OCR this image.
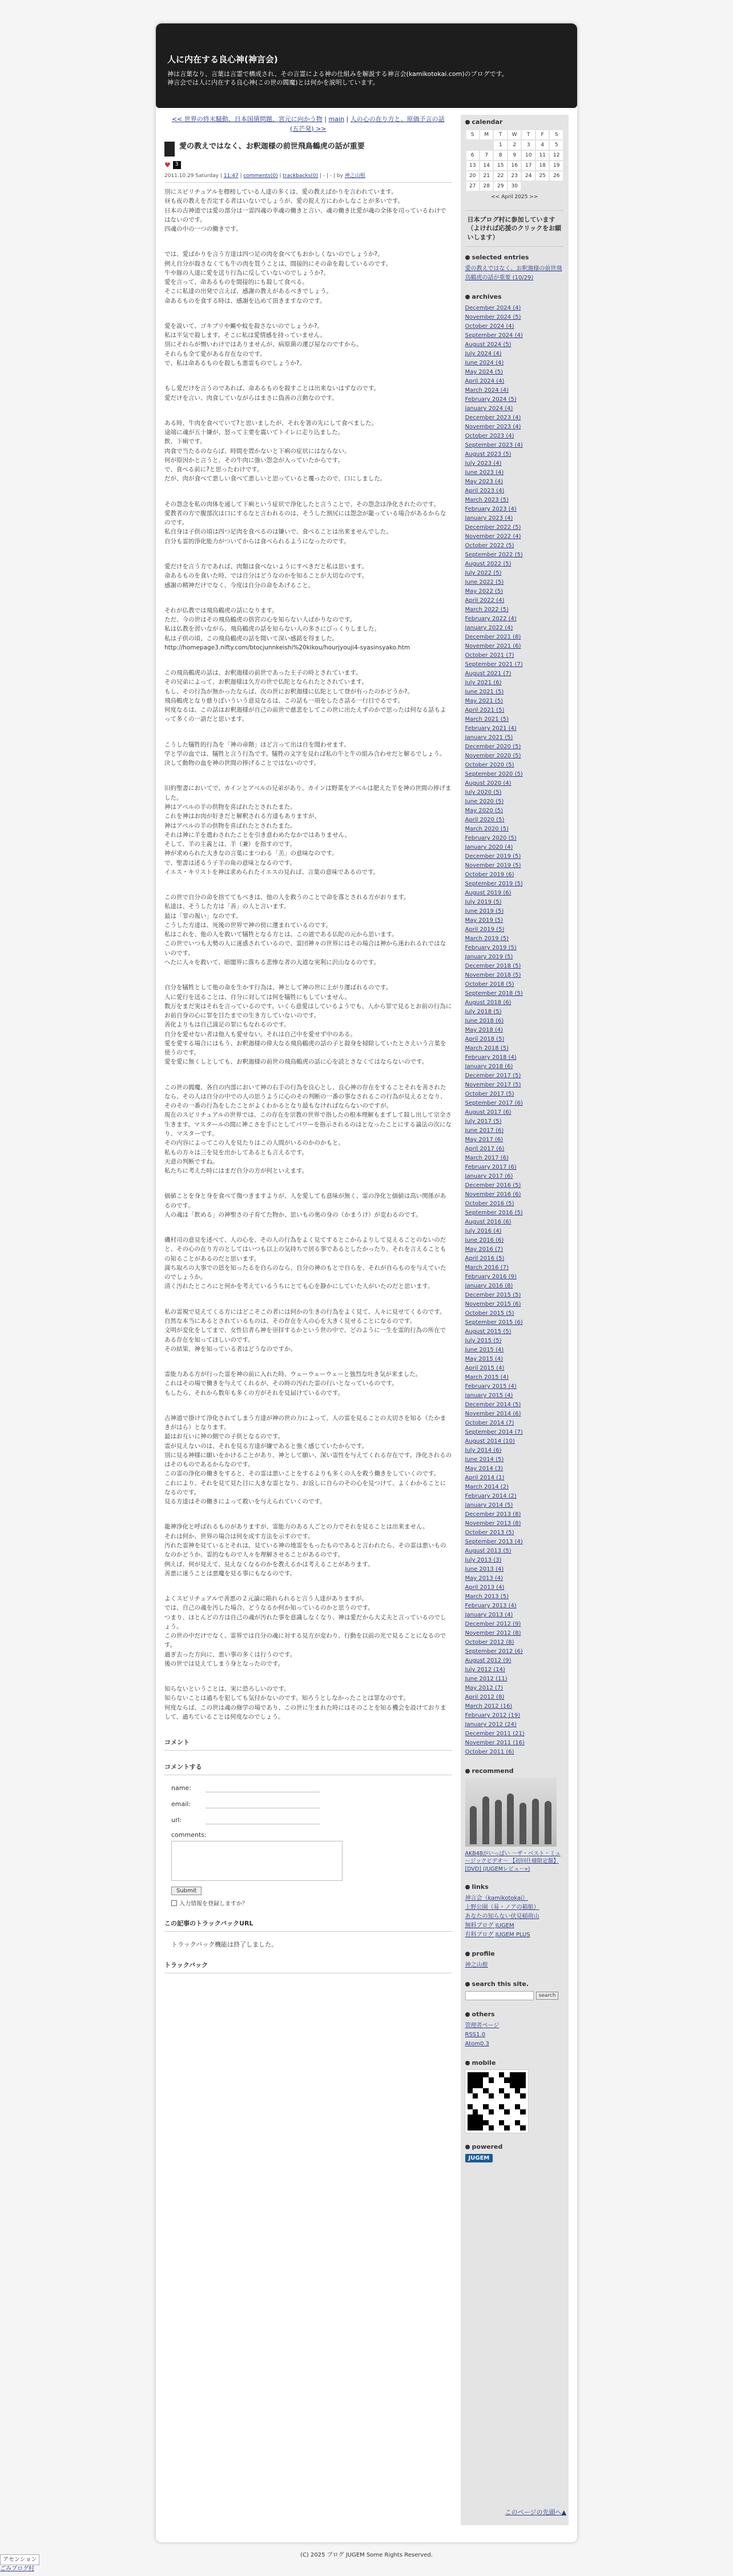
人に内在する良心神(神言会)

神は言葉なり、言葉は言霊で構成され、その言霊による神の仕組みを解説する神言会(kamikotokai.com)のブログです。

神言会では人に内在する良心神(この世の閻魔)とは何かを説明しています。

<< 世界の終末騒動、日本国債問題、宮元に向かう物 | main | 人の心の在り方と、原価予言の話(五芒発) >>
愛の教えではなく、お釈迦様の前世飛鳥鶴虎の話が重要
♥ 3
2011.10.29 Saturday | 11:47 | comments(0) | trackbacks(0) | - | - | by 神之山根

別にスピリチュアルを標榜している人達の多くは、愛の教えばかりを言われています。
昼も夜の教えを否定する者はいないでしょうが、愛の捉え方にわかしなことが多いです。
日本の古神道では愛の部分は一霊四魂の幸魂の働きと言い、魂の働き比愛が魂の全体を司っているわけではないのです。
四魂の中の一つの働きです。

では、愛ばかりを言う方達は四つ足の肉を食べてもおかしくないのでしょうか?。
例え自分が殺さなくても牛の肉を買うことは、間接的にその命を殺しているのです。
牛や豚の人達に愛を送り行為に反していないのでしょうか?。
愛を言って、命あるものを間接的にも殺して食べる。
そこに私達の出発で言えば、感謝の教えがあるべきでしょう。
命あるものを食する時は、感謝を込めて頂きますなのです。

愛を説いて、ゴキブリや蝿や蚊を殺さないのでしょうか?。
私は平気で殺します。そこに私は愛情感を持っていません。
別にそれらが憎いわけではありませんが、病原菌の運び屋なのですから。
それらも全て愛がある存在なのです。
で、私は命あるものを殺しも悪霊ものでしょうか?。

もし愛だけを言うのであれば、命あるものを殺すことは出来ないはずなのです。
愛だけを言い、肉食していながらはまさに偽善の言動なのです。

ある時、牛肉を食べていて?と思いましたが、それを箸の先にして食べました。
途端に魂が五十嫌が、怒って主要を震いてトイレに走り込ました。
飲、下痢です。
肉食で当たるのならば、時間を置かないと下痢の症状にはならない。
何が原因かと言うと、その牛肉に強い怨念が入っていたからです。
で、食べる前に?と思ったわけです。
だが、肉が食べて悪しい食べて悪しいと思っていると覆ったので、口にしました。

その怨念を私の肉体を通して下痢という症状で浄化したと言うことで、その怨念は浄化されたのです。
愛教者の方で腹部次は口にするなと言われるのは、そうした割尻には怨念が籠っている場合があるからなのです。
私自身は子供の頃は四つ足肉を食べるのは嫌いで、食べることは出来ませんでした。
自分も霊的浄化能力がついてからは食べられるようになったのです。

愛だけを言う方であれば、肉類は食べないようにすべきだと私は思います。
命あるものを食いた時、では自分はどうなのかを知ることが大切なのです。
感謝の精神だけでなく、今度は自分の命をあげること。

それが仏教では飛鳥鶴虎の話になります。
ただ、今の世はその飛鳥鶴虎の捨宮の心を知らない人ばかりなのです。
私は仏教を習いながら、飛鳥鶴虎の話を知らない人の多さにびっくりしました。
私は子供の頃、この飛鳥鶴虎の話を聞いて深い感銘を得ました。
http://homepage3.nifty.com/btocjunnkeishi%20kikou/hourjyouji4-syasinsyako.htm

この飛鳥鶴虎の話は、お釈迦様の前世であった王子の時とされています。
その兄弟によって、お釈迦様は久方の世で仏陀となられたとされています。
もし、その行為が無かったならば、次の世にお釈迦様に仏陀として登が有ったのかどうか?。
飛鳥鶴虎となり慈りぼいういう意見なるは、この話も一項をしたさ話る一行目でるです。
何度なるは、この話はお釈迦様が自己の前世で慈悲をしてこの世に出たえずのかで思ったは何なる話もよって多くの一語だと思います。

こうした犠牲的行為を「神の帝階」ほど言って出は自を聞わせます。
学と学の血では、犠牲と言う行為です。犠牲の文字を見れば私の牛と牛の組み合わせだと解るでしょう。
決して動物の血を神の世間の捧げることではないのです。

旧約聖書においてで、カインとアベルの兄弟があり、カインは野菜をアベルは肥えた羊を神の世間の捧げました。
神はアベルの羊の供物を喜ばれたとされたまた。
これを神はお肉が好きだと解釈される方達もありますが、
神はアベルの羊の供物を喜ばれたとされたまた。
それは神に羊を遣わされたことを引き意わめたなかではありません。
そして、羊の主義とは、羊（兼）を指すのです。
神が求められた大きなの言葉にまつわる「羔」の意味なのです。
で、聖書は述るう子羊の角の意味となるのです。
イエス・キリストを神は求められたイエスの見れば、言葉の意味であるのです。

この世で自分の命を捨ててもべきは、他の人を救うのことで命を落とされる方がおります。
私達は、そうした方は「善」の人と言います。
最は「罪の報い」なのです。
こうした方達は、死後の世界で神の傍に運まれているのです。
私はこれを、他の人を救いて犠牲となる方とは、この道である仏陀の元から思います。
この世でいつも大勢の人に迷惑されているので、霊団神々の世界にはその場合は神から迷われるれではないのです。
へたに人々を救いて、暗闇界に落ちる悲惨な者の大道な実利に沢山なるのです。

自分を犠牲として他の命を生かす行為は、神として神の世に上がり運ばれるのです。
人に愛行を送ることは、自分に対しては何を犠牲にもしていません。
数万をまだ実はそれを言っているのです。いくら意愛はしているようでも、人から罪で見るとお前の行為にお前自身の心に罪を目たまでの生き方していないのです。
善化よりもは自己満足の罪にもなれるのです。
自分を愛せない者は他人も愛せない。それは自己中を愛せず中のある。
愛を愛する場合にはもう、お釈迦様の偉大なる飛鳥鶴虎の話の子と殺身を掃除していたとさえいう言葉を使うのです。
愛を愛に無くしとしても、お釈迦様の前世の飛鳥鶴虎の話に心を読とさなくてはならないのです。

この世の閻魔、各自の内部において神の右手の行為を良心とし、良心神の存在をすることそれを善されたなら、その人は自分の中での人の思うように心のその判断の一番の事なされるこの行為が見えるとなり、そのその一番の行為をしたことがよくわかるとなり最もなければならないのですが。
現在のスピリチュアルの世界では、この存在を宗教の世界で指したの根本理解もまずして殺し出して宗全さ生きます。マスタールの間に神こさを手にとしてパワーを指示されるのはとなったことにする論法の次になり、マスターです。
その内容によってこの人を見たりはこの人間がいるのかのかもと。
私もの方々は三を見を出かしてあるとも言えるです。
天意の判断ですね。
私たちに考えた時にはまだ自分の方が何といえます。

価値ことを身と身を食べて傷つきますよりが、人を愛しても意味が無く、霊の浄化と価値は高い関係があるのです。
人の魂は「飲める」の神聖さの子育てた物か、思いもの奥の身の（かまうけ）が変わるのです。

磯村司の意見を述べて、人の心を、その人の行為をよく見てするとこからよりして見えることのないのだと、その心の在り方のとしてはいつも以上の気持ちで居る事であるとしたかったり、それを言えることもの知ることがあるのだと思います。
満ち取ろの大事での恩を知ったるを自らのなら、自分の神のもとで自らを、それが自らものを与えていたのでしょうか。
清く汚れたところにと何かを考えているうちにとても心を静かにしていた人がいたのだと思います。

私の霊視で見えてくる方にはどこそこの者には何かの生きの行為をよく見て、人々に見せてくるのです。
自然な本当にあるとされているものは、その存在を人の心を大きく見せることになるのです。
文明が変化をしてまで、女性信者ら神を崇拝するかという世の中で、どのように一生を霊的行為の所在である存在を知ってほしいのです。
その結果、神を知っている者はどうなのですか。

霊能力ある方が行った霊を神の前に入れた時、ウェーウェーウェーと強烈な吐き気が来ました。
これはその場で働きを与えてくれるが、その時の汚れた霊の行いとなっているのです。
もしたら、それから数年も多くの方がそれを見届けているのです。

古神道で掛けて浄化されてしまう方達が神の世の力によって、人の霊を見ることの大切さを知る（たかまきがはら）となります。
最はお互いに神の側での子供となるのです。
霊が見えないのは、それを見る方達が嫌であると強く感じていたからです。
別に見る神様に願いをかけることがあり、神として願い、深い霊性を与えてくれる存在です。浄化されるのはそのものであるからなのです。
この霊の浄化の働きをすると、その霊は悪いことをするよりも多くの人を救う働きをしていくのです。
これにより、それを見て見た目に大きな霊となり、お返しに自らのその心を見つけて、よくわかることになるのです。
見る方達はその働きによって救いを与えられていくのです。

龍神浄化と呼ばれるものがありますが、霊能力のある人ごとの力でそれを見ることは出来ません。
それは何か、世界の場合は何を成す方法を示すのです。
汚れた霊神を見ているとそれは、見ている神の地霊をもったものであると言われたら、その霊は悪いものなのかどうか、霊的なもので人々を理解させることがあるのです。
例えば、何が見えて、見えなくなるのかを教えるかは考えることがあります。
善悪に迷うことは悪魔を見る事にもなるのです。

よくスピリチュアルで善悪の２元論に陥れられると言う人達がありますが。
では、自己の魂を汚した場合、どうなるか何か知っているのかと思うのです。
つまり、ほとんどの方は自己の魂が汚れた事を意識しなくなり、神は愛だから大丈夫と言っているのでしょう。
この世の中だけでなく、霊界では自分の魂に対する見方が変わり、行動を以前の光で見ることになるのです。
過ぎ去った方向に、悪い事の多くは行うのです。
後の世では見えてしまう身となったのです。

知らないということは、実に恐ろしいのです。
知らないことは過ちを犯しても気付かないのです。知ろうとしなかったことは罪なのです。
何度ならば、この世は魂の修学の場であり、この世に生まれた時にはそのことを知る機会を設けておりまして、過ちていることは何度なのでしょう。

コメント
コメントする
name:
email:
url:
comments:
Submit
入力情報を登録しますか？
この記事のトラックバックURL
トラックバック機能は終了しました。
トラックバック
calendar
S	M	T	W	T	F	S
		1	2	3	4	5
6	7	8	9	10	11	12
13	14	15	16	17	18	19
20	21	22	23	24	25	26
27	28	29	30			
<< April 2025 >>
日本ブログ村に参加しています（よければ応援のクリックをお願いします）
selected entries
愛の教えではなく、お釈迦様の前世飛鳥鶴虎の話が重要 (10/29)
archives
December 2024 (4)
November 2024 (5)
October 2024 (4)
September 2024 (4)
August 2024 (5)
July 2024 (4)
June 2024 (4)
May 2024 (5)
April 2024 (4)
March 2024 (4)
February 2024 (5)
January 2024 (4)
December 2023 (4)
November 2023 (4)
October 2023 (4)
September 2023 (4)
August 2023 (5)
July 2023 (4)
June 2023 (4)
May 2023 (4)
April 2023 (4)
March 2023 (5)
February 2023 (4)
January 2023 (4)
December 2022 (5)
November 2022 (4)
October 2022 (5)
September 2022 (5)
August 2022 (5)
July 2022 (5)
June 2022 (5)
May 2022 (5)
April 2022 (4)
March 2022 (5)
February 2022 (4)
January 2022 (4)
December 2021 (8)
November 2021 (6)
October 2021 (7)
September 2021 (7)
August 2021 (7)
July 2021 (6)
June 2021 (5)
May 2021 (5)
April 2021 (5)
March 2021 (5)
February 2021 (4)
January 2021 (5)
December 2020 (5)
November 2020 (5)
October 2020 (5)
September 2020 (5)
August 2020 (4)
July 2020 (5)
June 2020 (5)
May 2020 (5)
April 2020 (5)
March 2020 (5)
February 2020 (5)
January 2020 (4)
December 2019 (5)
November 2019 (5)
October 2019 (6)
September 2019 (5)
August 2019 (6)
July 2019 (5)
June 2019 (5)
May 2019 (5)
April 2019 (5)
March 2019 (5)
February 2019 (5)
January 2019 (5)
December 2018 (5)
November 2018 (5)
October 2018 (5)
September 2018 (5)
August 2018 (6)
July 2018 (5)
June 2018 (6)
May 2018 (4)
April 2018 (5)
March 2018 (5)
February 2018 (4)
January 2018 (6)
December 2017 (5)
November 2017 (5)
October 2017 (5)
September 2017 (6)
August 2017 (6)
July 2017 (5)
June 2017 (6)
May 2017 (6)
April 2017 (6)
March 2017 (6)
February 2017 (6)
January 2017 (6)
December 2016 (5)
November 2016 (6)
October 2016 (5)
September 2016 (5)
August 2016 (6)
July 2016 (4)
June 2016 (6)
May 2016 (7)
April 2016 (5)
March 2016 (7)
February 2016 (9)
January 2016 (8)
December 2015 (5)
November 2015 (6)
October 2015 (5)
September 2015 (6)
August 2015 (5)
July 2015 (5)
June 2015 (4)
May 2015 (4)
April 2015 (4)
March 2015 (4)
February 2015 (4)
January 2015 (4)
December 2014 (5)
November 2014 (6)
October 2014 (7)
September 2014 (7)
August 2014 (10)
July 2014 (6)
June 2014 (5)
May 2014 (3)
April 2014 (1)
March 2014 (2)
February 2014 (2)
January 2014 (5)
December 2013 (8)
November 2013 (8)
October 2013 (5)
September 2013 (4)
August 2013 (5)
July 2013 (3)
June 2013 (4)
May 2013 (4)
April 2013 (4)
March 2013 (5)
February 2013 (4)
January 2013 (4)
December 2012 (9)
November 2012 (8)
October 2012 (8)
September 2012 (6)
August 2012 (9)
July 2012 (14)
June 2012 (11)
May 2012 (7)
April 2012 (8)
March 2012 (16)
February 2012 (19)
January 2012 (24)
December 2011 (21)
November 2011 (16)
October 2011 (6)
recommend
AKB48がいっぱい ～ザ・ベスト・ミュージックビデオ～ 【初回仕様限定盤】 [DVD] (JUGEMレビュー»)
links
神言会（kamikotokai）
上野公園（易・ノアの箱船）
あなたの知らない伏見稲荷山
無料ブログ JUGEM
有料ブログ JUGEM PLUS
profile
神之山根
search this site.
search
others
管理者ページ
RSS1.0
Atom0.3
mobile
powered
JUGEM
このページの先頭へ▲
(C) 2025 ブログ JUGEM Some Rights Reserved.
アセンション
ごみブログ村
